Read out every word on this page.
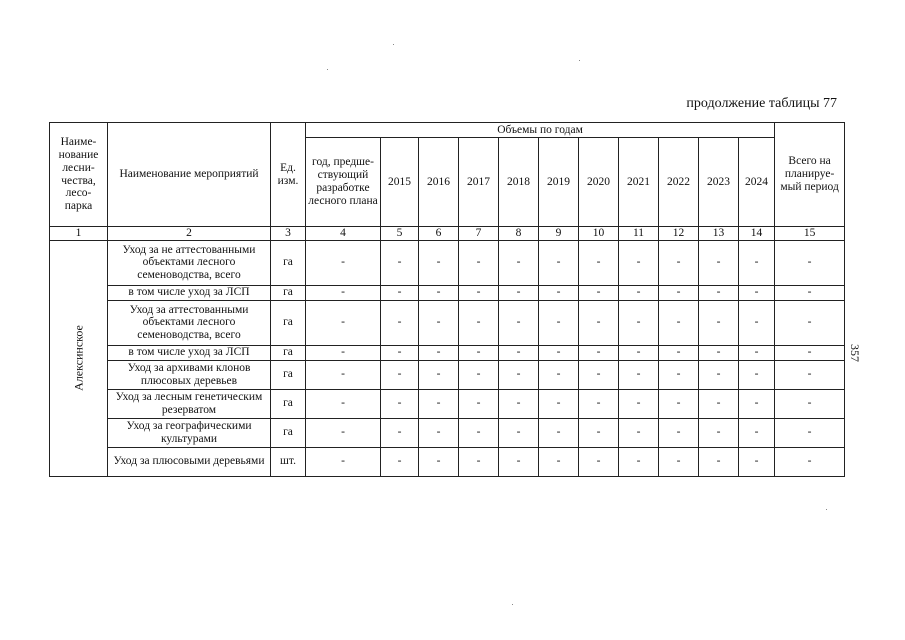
продолжение таблицы 77
357
Наиме-нование лесни-чества, лесо-парка	Наименование мероприятий	Ед. изм.	Объемы по годам											Всего на планируе-мый период
			год, предше-ствующий разработке лесного плана	2015	2016	2017	2018	2019	2020	2021	2022	2023	2024	
1	2	3	4	5	6	7	8	9	10	11	12	13	14	15

Алексинское	Уход за не аттестованными объектами лесного семеноводства, всего	га	-	-	-	-	-	-	-	-	-	-	-	-
	в том числе уход за ЛСП	га	-	-	-	-	-	-	-	-	-	-	-	-
	Уход за аттестованными объектами лесного семеноводства, всего	га	-	-	-	-	-	-	-	-	-	-	-	-
	в том числе уход за ЛСП	га	-	-	-	-	-	-	-	-	-	-	-	-
	Уход за архивами клонов плюсовых деревьев	га	-	-	-	-	-	-	-	-	-	-	-	-
	Уход за лесным генетическим резерватом	га	-	-	-	-	-	-	-	-	-	-	-	-
	Уход за географическими культурами	га	-	-	-	-	-	-	-	-	-	-	-	-
	Уход за плюсовыми деревьями	шт.	-	-	-	-	-	-	-	-	-	-	-	-
